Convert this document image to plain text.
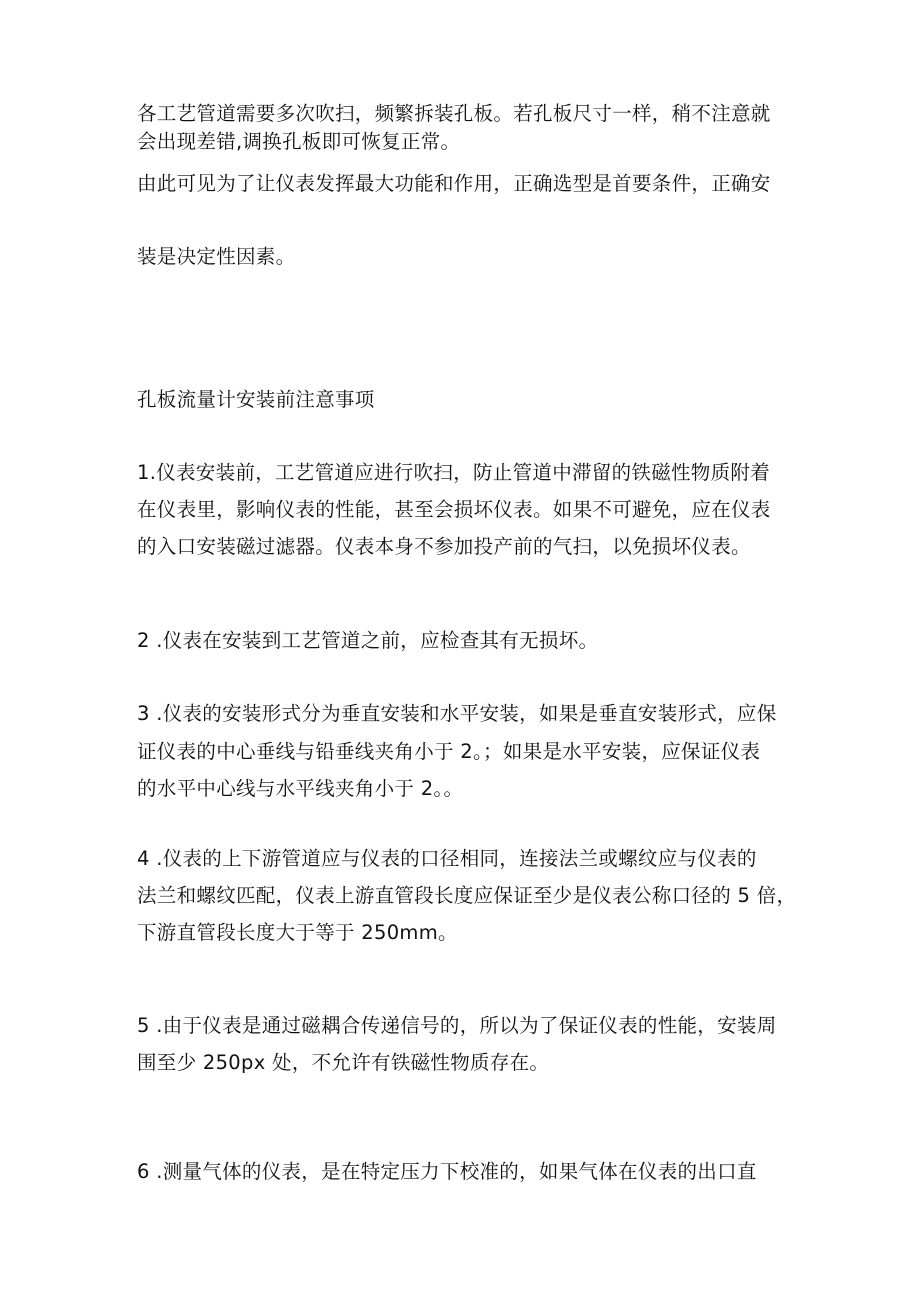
各工艺管道需要多次吹扫，频繁拆装孔板。若孔板尺寸一样，稍不注意就
会出现差错,调换孔板即可恢复正常。
由此可见为了让仪表发挥最大功能和作用，正确选型是首要条件，正确安
装是决定性因素。
孔板流量计安装前注意事项
1.仪表安装前，工艺管道应进行吹扫，防止管道中滞留的铁磁性物质附着
在仪表里，影响仪表的性能，甚至会损坏仪表。如果不可避免，应在仪表
的入口安装磁过滤器。仪表本身不参加投产前的气扫，以免损坏仪表。
2 .仪表在安装到工艺管道之前，应检查其有无损坏。
3 .仪表的安装形式分为垂直安装和水平安装，如果是垂直安装形式，应保
证仪表的中心垂线与铅垂线夹角小于 2。；如果是水平安装，应保证仪表
的水平中心线与水平线夹角小于 2。。
4 .仪表的上下游管道应与仪表的口径相同，连接法兰或螺纹应与仪表的
法兰和螺纹匹配，仪表上游直管段长度应保证至少是仪表公称口径的 5 倍，
下游直管段长度大于等于 250mm。
5 .由于仪表是通过磁耦合传递信号的，所以为了保证仪表的性能，安装周
围至少 250px 处，不允许有铁磁性物质存在。
6 .测量气体的仪表，是在特定压力下校准的，如果气体在仪表的出口直
